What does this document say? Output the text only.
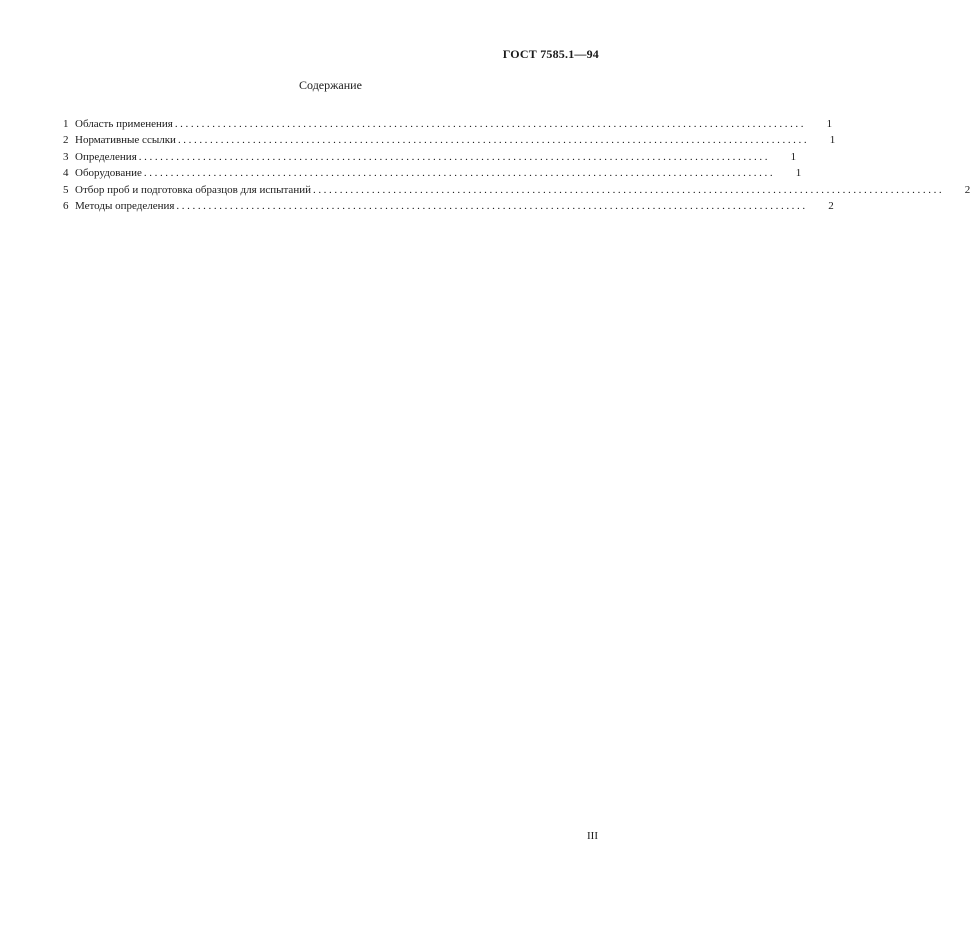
ГОСТ 7585.1—94
Содержание
1 Область применения ......................................................................................................................	1
2 Нормативные ссылки ......................................................................................................................	1
3 Определения ......................................................................................................................	1
4 Оборудование ......................................................................................................................	1
5 Отбор проб и подготовка образцов для испытаний ......................................................................................................................	2
6 Методы определения ......................................................................................................................	2
III
